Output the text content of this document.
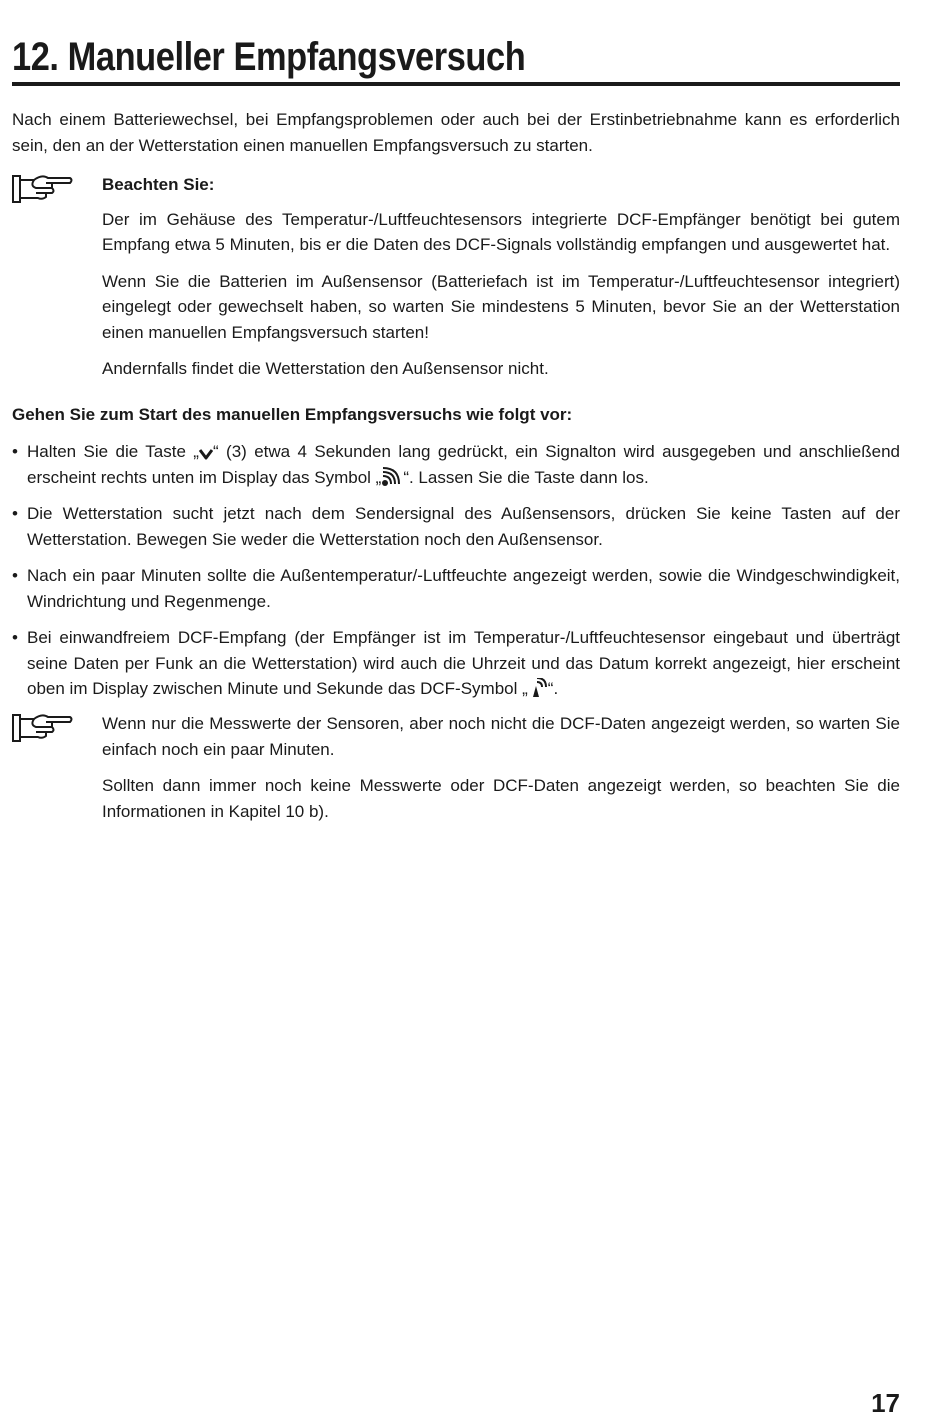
12. Manueller Empfangsversuch

Nach einem Batteriewechsel, bei Empfangsproblemen oder auch bei der Erstinbetriebnahme kann es erforderlich sein, den an der Wetterstation einen manuellen Empfangsversuch zu starten.

Beachten Sie:

Der im Gehäuse des Temperatur-/Luftfeuchtesensors integrierte DCF-Empfänger benötigt bei gutem Empfang etwa 5 Minuten, bis er die Daten des DCF-Signals vollständig empfangen und ausgewertet hat.

Wenn Sie die Batterien im Außensensor (Batteriefach ist im Temperatur-/Luftfeuchtesensor integriert) eingelegt oder gewechselt haben, so warten Sie mindestens 5 Minuten, bevor Sie an der Wetterstation einen manuellen Empfangsversuch starten!

Andernfalls findet die Wetterstation den Außensensor nicht.

Gehen Sie zum Start des manuellen Empfangsversuchs wie folgt vor:

• Halten Sie die Taste „ “ (3) etwa 4 Sekunden lang gedrückt, ein Signalton wird ausgegeben und anschließend erscheint rechts unten im Display das Symbol „ “. Lassen Sie die Taste dann los.
• Die Wetterstation sucht jetzt nach dem Sendersignal des Außensensors, drücken Sie keine Tasten auf der Wetterstation. Bewegen Sie weder die Wetterstation noch den Außensensor.
• Nach ein paar Minuten sollte die Außentemperatur/-Luftfeuchte angezeigt werden, sowie die Windgeschwindigkeit, Windrichtung und Regenmenge.
• Bei einwandfreiem DCF-Empfang (der Empfänger ist im Temperatur-/Luftfeuchtesensor eingebaut und überträgt seine Daten per Funk an die Wetterstation) wird auch die Uhrzeit und das Datum korrekt angezeigt, hier erscheint oben im Display zwischen Minute und Sekunde das DCF-Symbol „ “.

Wenn nur die Messwerte der Sensoren, aber noch nicht die DCF-Daten angezeigt werden, so warten Sie einfach noch ein paar Minuten.

Sollten dann immer noch keine Messwerte oder DCF-Daten angezeigt werden, so beachten Sie die Informationen in Kapitel 10 b).

17
